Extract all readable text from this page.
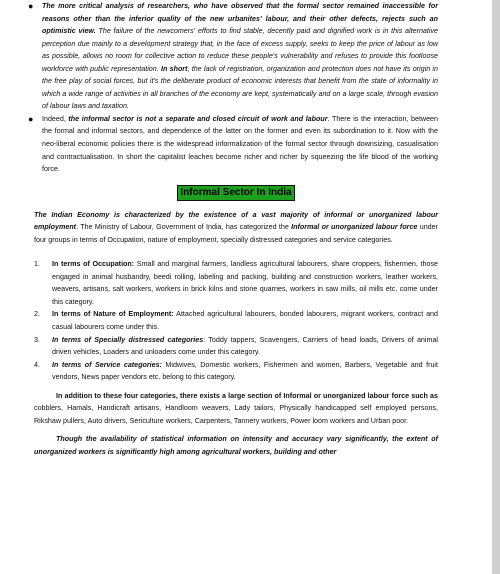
● The more critical analysis of researchers, who have observed that the formal sector remained inaccessible for reasons other than the inferior quality of the new urbanites' labour, and their other defects, rejects such an optimistic view. The failure of the newcomers' efforts to find stable, decently paid and dignified work is in this alternative perception due mainly to a development strategy that, in the face of excess supply, seeks to keep the price of labour as low as possible, allows no room for collective action to reduce these people's vulnerability and refuses to provide this footloose workforce with public representation. In short, the lack of registration, organization and protection does not have its origin in the free play of social forces, but it's the deliberate product of economic interests that benefit from the state of informality in which a wide range of activities in all branches of the economy are kept, systematically and on a large scale, through evasion of labour laws and taxation.
● Indeed, the informal sector is not a separate and closed circuit of work and labour. There is the interaction, between the formal and informal sectors, and dependence of the latter on the former and even its subordination to it. Now with the neo-liberal economic policies there is the widespread informalization of the formal sector through downsizing, casualisation and contractualisation. In short the capitalist leaches become richer and richer by squeezing the life blood of the working force.
Informal Sector In India

The Indian Economy is characterized by the existence of a vast majority of informal or unorganized labour employment. The Ministry of Labour, Government of India, has categorized the Informal or unorganized labour force under four groups in terms of Occupation, nature of employment, specially distressed categories and service categories.

1. In terms of Occupation: Small and marginal farmers, landless agricultural labourers, share croppers, fishermen, those engaged in animal husbandry, beedi rolling, labeling and packing, building and construction workers, leather workers, weavers, artisans, salt workers, workers in brick kilns and stone quarries, workers in saw mills, oil mills etc. come under this category.
2. In terms of Nature of Employment: Attached agricultural labourers, bonded labourers, migrant workers, contract and casual labourers come under this.
3. In terms of Specially distressed categories: Toddy tappers, Scavengers, Carriers of head loads, Drivers of animal driven vehicles, Loaders and unloaders come under this category.
4. In terms of Service categories: Midwives, Domestic workers, Fishermen and women, Barbers, Vegetable and fruit vendors, News paper vendors etc. belong to this category.

In addition to these four categories, there exists a large section of Informal or unorganized labour force such as cobblers, Hamals, Handicraft artisans, Handloom weavers, Lady tailors, Physically handicapped self employed persons, Rikshaw pullers, Auto drivers, Sericulture workers, Carpenters, Tannery workers, Power loom workers and Urban poor.

Though the availability of statistical information on intensity and accuracy vary significantly, the extent of unorganized workers is significantly high among agricultural workers, building and other
